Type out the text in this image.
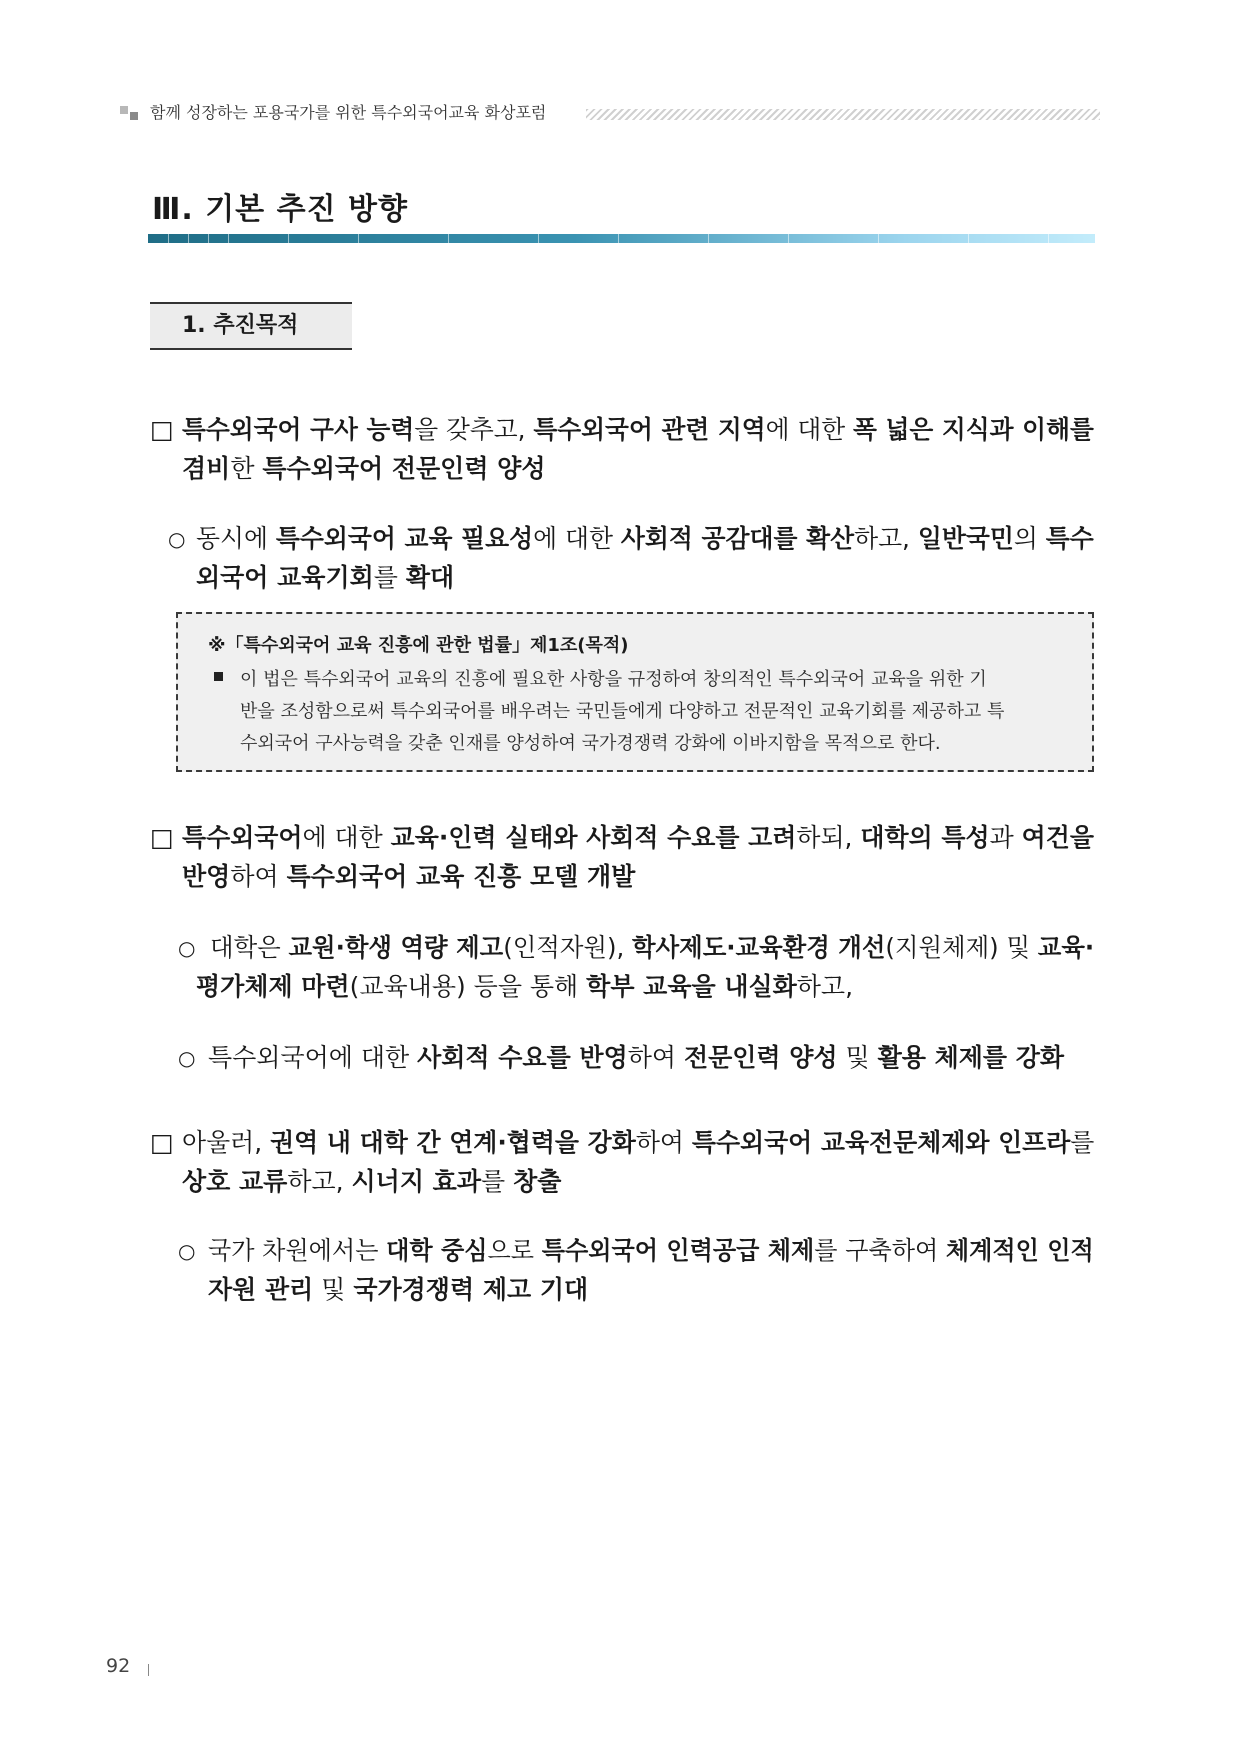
함께 성장하는 포용국가를 위한 특수외국어교육 화상포럼
Ⅲ. 기본 추진 방향
1. 추진목적
□ 특수외국어 구사 능력을 갖추고, 특수외국어 관련 지역에 대한 폭 넓은 지식과 이해를
겸비한 특수외국어 전문인력 양성
○ 동시에 특수외국어 교육 필요성에 대한 사회적 공감대를 확산하고, 일반국민의 특수
외국어 교육기회를 확대
※「특수외국어 교육 진흥에 관한 법률」제1조(목적)
이 법은 특수외국어 교육의 진흥에 필요한 사항을 규정하여 창의적인 특수외국어 교육을 위한 기
반을 조성함으로써 특수외국어를 배우려는 국민들에게 다양하고 전문적인 교육기회를 제공하고 특
수외국어 구사능력을 갖춘 인재를 양성하여 국가경쟁력 강화에 이바지함을 목적으로 한다.
□ 특수외국어에 대한 교육·인력 실태와 사회적 수요를 고려하되, 대학의 특성과 여건을
반영하여 특수외국어 교육 진흥 모델 개발
○ 대학은 교원·학생 역량 제고(인적자원), 학사제도·교육환경 개선(지원체제) 및 교육·
평가체제 마련(교육내용) 등을 통해 학부 교육을 내실화하고,
○ 특수외국어에 대한 사회적 수요를 반영하여 전문인력 양성 및 활용 체제를 강화
□ 아울러, 권역 내 대학 간 연계·협력을 강화하여 특수외국어 교육전문체제와 인프라를
상호 교류하고, 시너지 효과를 창출
○ 국가 차원에서는 대학 중심으로 특수외국어 인력공급 체제를 구축하여 체계적인 인적
자원 관리 및 국가경쟁력 제고 기대
92
